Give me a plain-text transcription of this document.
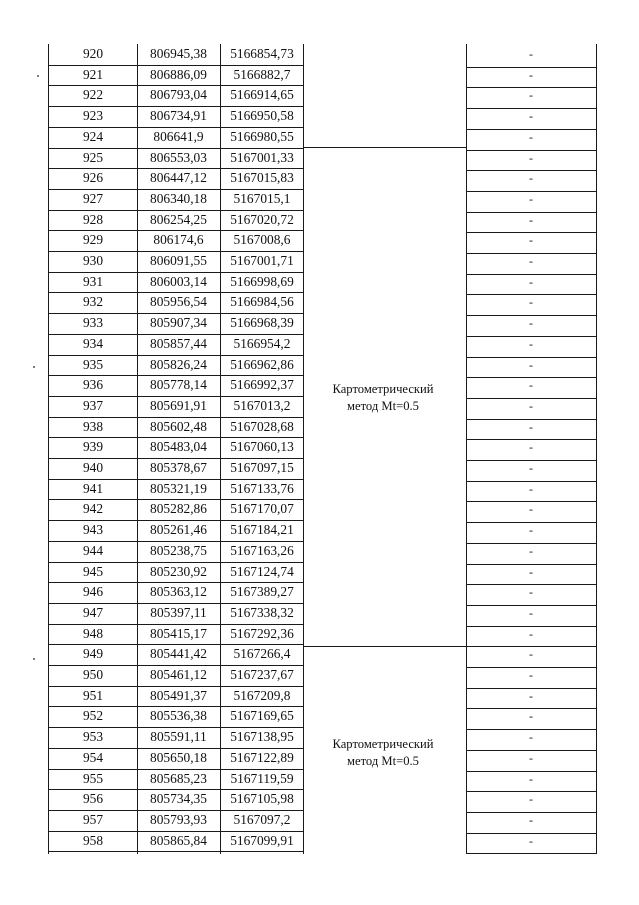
Картометрический
метод Mt=0.5
Картометрический
метод Mt=0.5
920	806945,38	5166854,73	-
921	806886,09	5166882,7	-
922	806793,04	5166914,65	-
923	806734,91	5166950,58	-
924	806641,9	5166980,55	-
925	806553,03	5167001,33	-
926	806447,12	5167015,83	-
927	806340,18	5167015,1	-
928	806254,25	5167020,72	-
929	806174,6	5167008,6	-
930	806091,55	5167001,71	-
931	806003,14	5166998,69	-
932	805956,54	5166984,56	-
933	805907,34	5166968,39	-
934	805857,44	5166954,2	-
935	805826,24	5166962,86	-
936	805778,14	5166992,37	-
937	805691,91	5167013,2	-
938	805602,48	5167028,68	-
939	805483,04	5167060,13	-
940	805378,67	5167097,15	-
941	805321,19	5167133,76	-
942	805282,86	5167170,07	-
943	805261,46	5167184,21	-
944	805238,75	5167163,26	-
945	805230,92	5167124,74	-
946	805363,12	5167389,27	-
947	805397,11	5167338,32	-
948	805415,17	5167292,36	-
949	805441,42	5167266,4	-
950	805461,12	5167237,67	-
951	805491,37	5167209,8	-
952	805536,38	5167169,65	-
953	805591,11	5167138,95	-
954	805650,18	5167122,89	-
955	805685,23	5167119,59	-
956	805734,35	5167105,98	-
957	805793,93	5167097,2	-
958	805865,84	5167099,91	-
